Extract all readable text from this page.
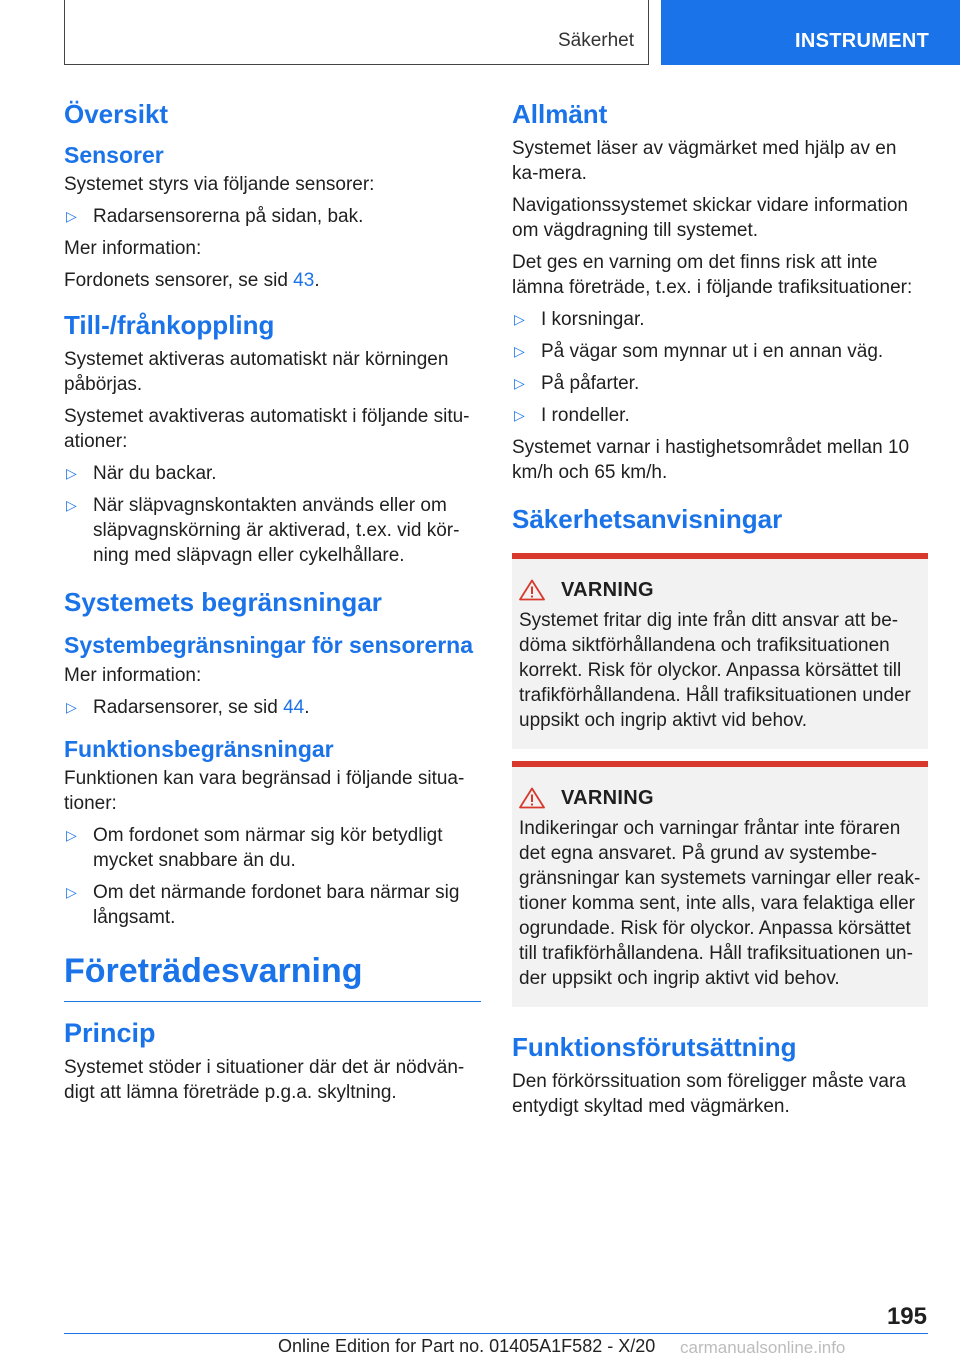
Säkerhet	INSTRUMENT
Översikt
Sensorer

Systemet styrs via följande sensorer:

▷ Radarsensorerna på sidan, bak.

Mer information:

Fordonets sensorer, se sid 43.

Till-/frånkoppling

Systemet aktiveras automatiskt när körningen påbörjas.

Systemet avaktiveras automatiskt i följande situ-ationer:

▷ När du backar.
▷ När släpvagnskontakten används eller om släpvagnskörning är aktiverad, t.ex. vid kör-ning med släpvagn eller cykelhållare.
Systemets begränsningar
Systembegränsningar för sensorerna

Mer information:

▷ Radarsensorer, se sid 44.
Funktionsbegränsningar

Funktionen kan vara begränsad i följande situa-tioner:

▷ Om fordonet som närmar sig kör betydligt mycket snabbare än du.
▷ Om det närmande fordonet bara närmar sig långsamt.
Företrädesvarning
Princip

Systemet stöder i situationer där det är nödvän-digt att lämna företräde p.g.a. skyltning.

Allmänt

Systemet läser av vägmärket med hjälp av en ka-mera.

Navigationssystemet skickar vidare information om vägdragning till systemet.

Det ges en varning om det finns risk att inte lämna företräde, t.ex. i följande trafiksituationer:

▷ I korsningar.
▷ På vägar som mynnar ut i en annan väg.
▷ På påfarter.
▷ I rondeller.

Systemet varnar i hastighetsområdet mellan 10 km/h och 65 km/h.

Säkerhetsanvisningar
VARNING

Systemet fritar dig inte från ditt ansvar att be-döma siktförhållandena och trafiksituationen korrekt. Risk för olyckor. Anpassa körsättet till trafikförhållandena. Håll trafiksituationen under uppsikt och ingrip aktivt vid behov.

VARNING

Indikeringar och varningar fråntar inte föraren det egna ansvaret. På grund av systembe-gränsningar kan systemets varningar eller reak-tioner komma sent, inte alls, vara felaktiga eller ogrundade. Risk för olyckor. Anpassa körsättet till trafikförhållandena. Håll trafiksituationen un-der uppsikt och ingrip aktivt vid behov.

Funktionsförutsättning

Den förkörssituation som föreligger måste vara entydigt skyltad med vägmärken.

195
Online Edition for Part no. 01405A1F582 - X/20 carmanualsonline.info
